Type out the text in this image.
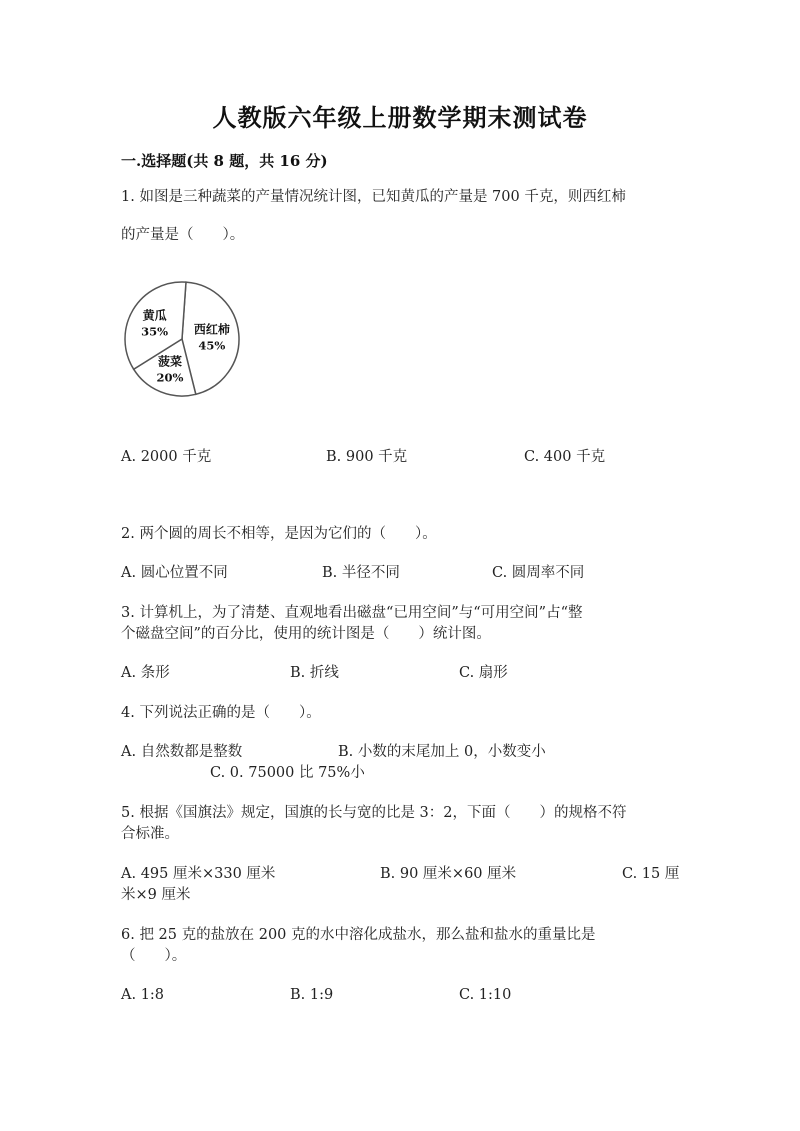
人教版六年级上册数学期末测试卷
一.选择题(共 8 题，共 16 分)
1. 如图是三种蔬菜的产量情况统计图，已知黄瓜的产量是 700 千克，则西红柿
的产量是（　　）。
西红柿
45%
菠菜
20%
黄瓜
35%
A. 2000 千克	B. 900 千克	C. 400 千克
2. 两个圆的周长不相等，是因为它们的（　　）。
A. 圆心位置不同	B. 半径不同	C. 圆周率不同
3. 计算机上，为了清楚、直观地看出磁盘“已用空间”与“可用空间”占“整
个磁盘空间”的百分比，使用的统计图是（　　）统计图。
A. 条形	B. 折线	C. 扇形
4. 下列说法正确的是（　　）。
A. 自然数都是整数	B. 小数的末尾加上 0，小数变小
C. 0. 75000 比 75%小
5. 根据《国旗法》规定，国旗的长与宽的比是 3：2，下面（　　）的规格不符
合标准。
A. 495 厘米×330 厘米	B. 90 厘米×60 厘米	C. 15 厘
米×9 厘米
6. 把 25 克的盐放在 200 克的水中溶化成盐水，那么盐和盐水的重量比是
（　　）。
A. 1:8	B. 1:9	C. 1:10
